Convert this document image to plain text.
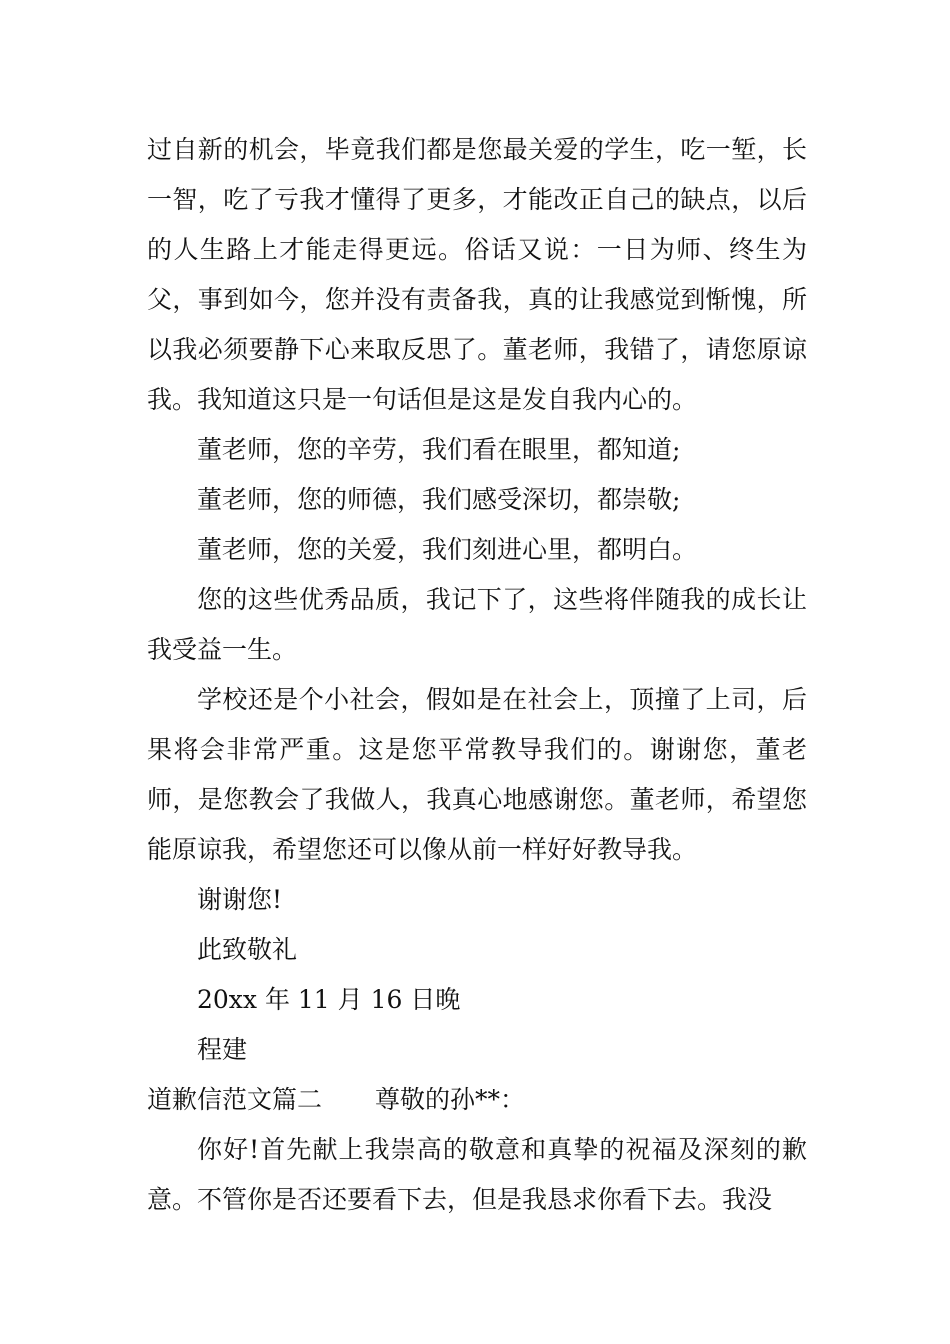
过自新的机会，毕竟我们都是您最关爱的学生，吃一堑，长一智，吃了亏我才懂得了更多，才能改正自己的缺点，以后的人生路上才能走得更远。俗话又说：一日为师、终生为父，事到如今，您并没有责备我，真的让我感觉到惭愧，所以我必须要静下心来取反思了。董老师，我错了，请您原谅我。我知道这只是一句话但是这是发自我内心的。

董老师，您的辛劳，我们看在眼里，都知道;

董老师，您的师德，我们感受深切，都崇敬;

董老师，您的关爱，我们刻进心里，都明白。

您的这些优秀品质，我记下了，这些将伴随我的成长让我受益一生。

学校还是个小社会，假如是在社会上，顶撞了上司，后果将会非常严重。这是您平常教导我们的。谢谢您，董老师，是您教会了我做人，我真心地感谢您。董老师，希望您能原谅我，希望您还可以像从前一样好好教导我。

谢谢您!

此致敬礼

20xx 年 11 月 16 日晚

程建

道歉信范文篇二	尊敬的孙**：

你好!首先献上我崇高的敬意和真挚的祝福及深刻的歉意。不管你是否还要看下去，但是我恳求你看下去。我没
